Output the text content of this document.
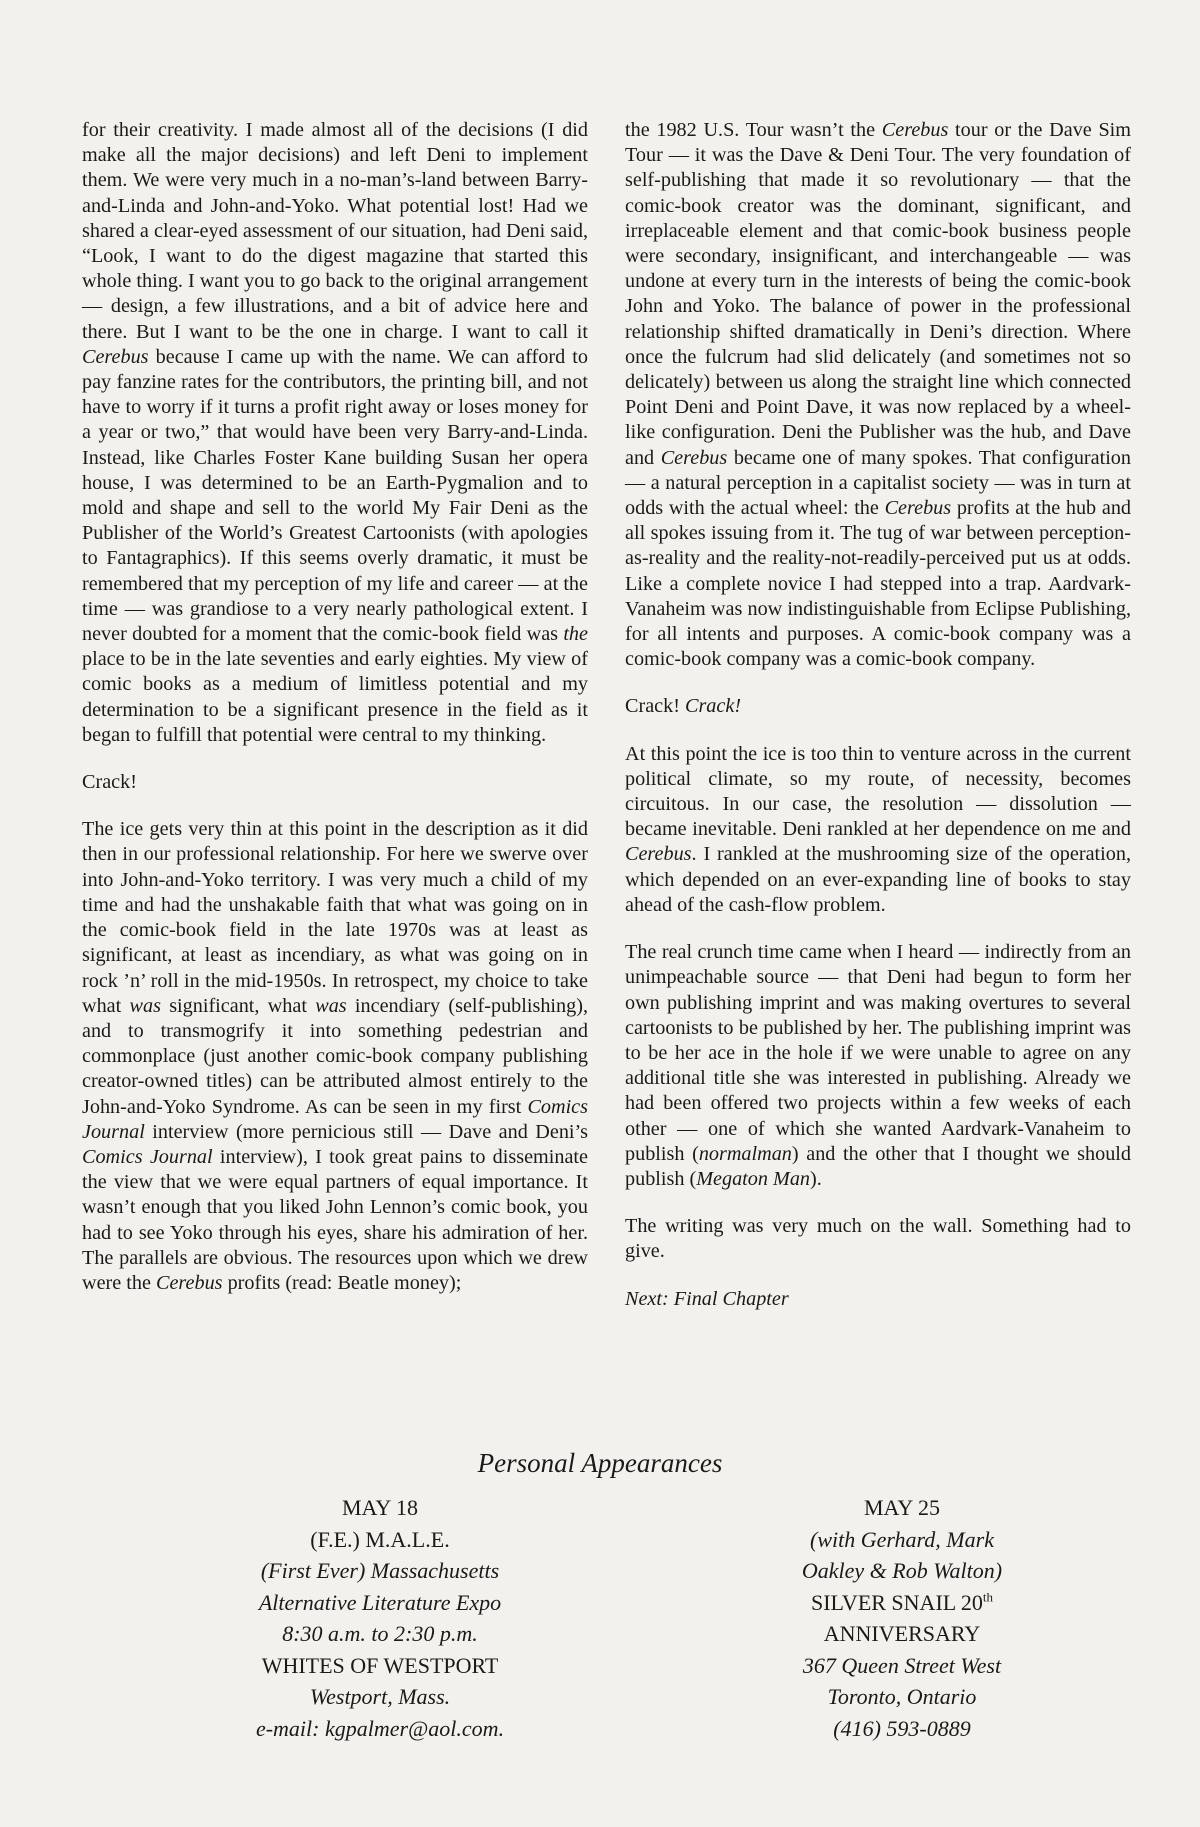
for their creativity. I made almost all of the decisions (I did make all the major decisions) and left Deni to implement them. We were very much in a no-man’s-land between Barry-and-Linda and John-and-Yoko. What potential lost! Had we shared a clear-eyed assessment of our situation, had Deni said, “Look, I want to do the digest magazine that started this whole thing. I want you to go back to the original arrangement — design, a few illustrations, and a bit of advice here and there. But I want to be the one in charge. I want to call it Cerebus because I came up with the name. We can afford to pay fanzine rates for the contributors, the printing bill, and not have to worry if it turns a profit right away or loses money for a year or two,” that would have been very Barry-and-Linda. Instead, like Charles Foster Kane building Susan her opera house, I was determined to be an Earth-Pygmalion and to mold and shape and sell to the world My Fair Deni as the Publisher of the World’s Greatest Cartoonists (with apologies to Fantagraphics). If this seems overly dramatic, it must be remembered that my perception of my life and career — at the time — was grandiose to a very nearly pathological extent. I never doubted for a moment that the comic-book field was the place to be in the late seventies and early eighties. My view of comic books as a medium of limitless potential and my determination to be a significant presence in the field as it began to fulfill that potential were central to my thinking.

Crack!

The ice gets very thin at this point in the description as it did then in our professional relationship. For here we swerve over into John-and-Yoko territory. I was very much a child of my time and had the unshakable faith that what was going on in the comic-book field in the late 1970s was at least as significant, at least as incendiary, as what was going on in rock ’n’ roll in the mid-1950s. In retrospect, my choice to take what was significant, what was incendiary (self-publishing), and to transmogrify it into something pedestrian and commonplace (just another comic-book company publishing creator-owned titles) can be attributed almost entirely to the John-and-Yoko Syndrome. As can be seen in my first Comics Journal interview (more pernicious still — Dave and Deni’s Comics Journal interview), I took great pains to disseminate the view that we were equal partners of equal importance. It wasn’t enough that you liked John Lennon’s comic book, you had to see Yoko through his eyes, share his admiration of her. The parallels are obvious. The resources upon which we drew were the Cerebus profits (read: Beatle money);

the 1982 U.S. Tour wasn’t the Cerebus tour or the Dave Sim Tour — it was the Dave & Deni Tour. The very foundation of self-publishing that made it so revolutionary — that the comic-book creator was the dominant, significant, and irreplaceable element and that comic-book business people were secondary, insignificant, and interchangeable — was undone at every turn in the interests of being the comic-book John and Yoko. The balance of power in the professional relationship shifted dramatically in Deni’s direction. Where once the fulcrum had slid delicately (and sometimes not so delicately) between us along the straight line which connected Point Deni and Point Dave, it was now replaced by a wheel-like configuration. Deni the Publisher was the hub, and Dave and Cerebus became one of many spokes. That configuration — a natural perception in a capitalist society — was in turn at odds with the actual wheel: the Cerebus profits at the hub and all spokes issuing from it. The tug of war between perception-as-reality and the reality-not-readily-perceived put us at odds. Like a complete novice I had stepped into a trap. Aardvark-Vanaheim was now indistinguishable from Eclipse Publishing, for all intents and purposes. A comic-book company was a comic-book company was a comic-book company.

Crack! Crack!

At this point the ice is too thin to venture across in the current political climate, so my route, of necessity, becomes circuitous. In our case, the resolution — dissolution — became inevitable. Deni rankled at her dependence on me and Cerebus. I rankled at the mushrooming size of the operation, which depended on an ever-expanding line of books to stay ahead of the cash-flow problem.

The real crunch time came when I heard — indirectly from an unimpeachable source — that Deni had begun to form her own publishing imprint and was making overtures to several cartoonists to be published by her. The publishing imprint was to be her ace in the hole if we were unable to agree on any additional title she was interested in publishing. Already we had been offered two projects within a few weeks of each other — one of which she wanted Aardvark-Vanaheim to publish (normalman) and the other that I thought we should publish (Megaton Man).

The writing was very much on the wall. Something had to give.

Next: Final Chapter

Personal Appearances
MAY 18
(F.E.) M.A.L.E.
(First Ever) Massachusetts
Alternative Literature Expo
8:30 a.m. to 2:30 p.m.
WHITES OF WESTPORT
Westport, Mass.
e-mail: kgpalmer@aol.com.
MAY 25
(with Gerhard, Mark
Oakley & Rob Walton)
SILVER SNAIL 20th
ANNIVERSARY
367 Queen Street West
Toronto, Ontario
(416) 593-0889
